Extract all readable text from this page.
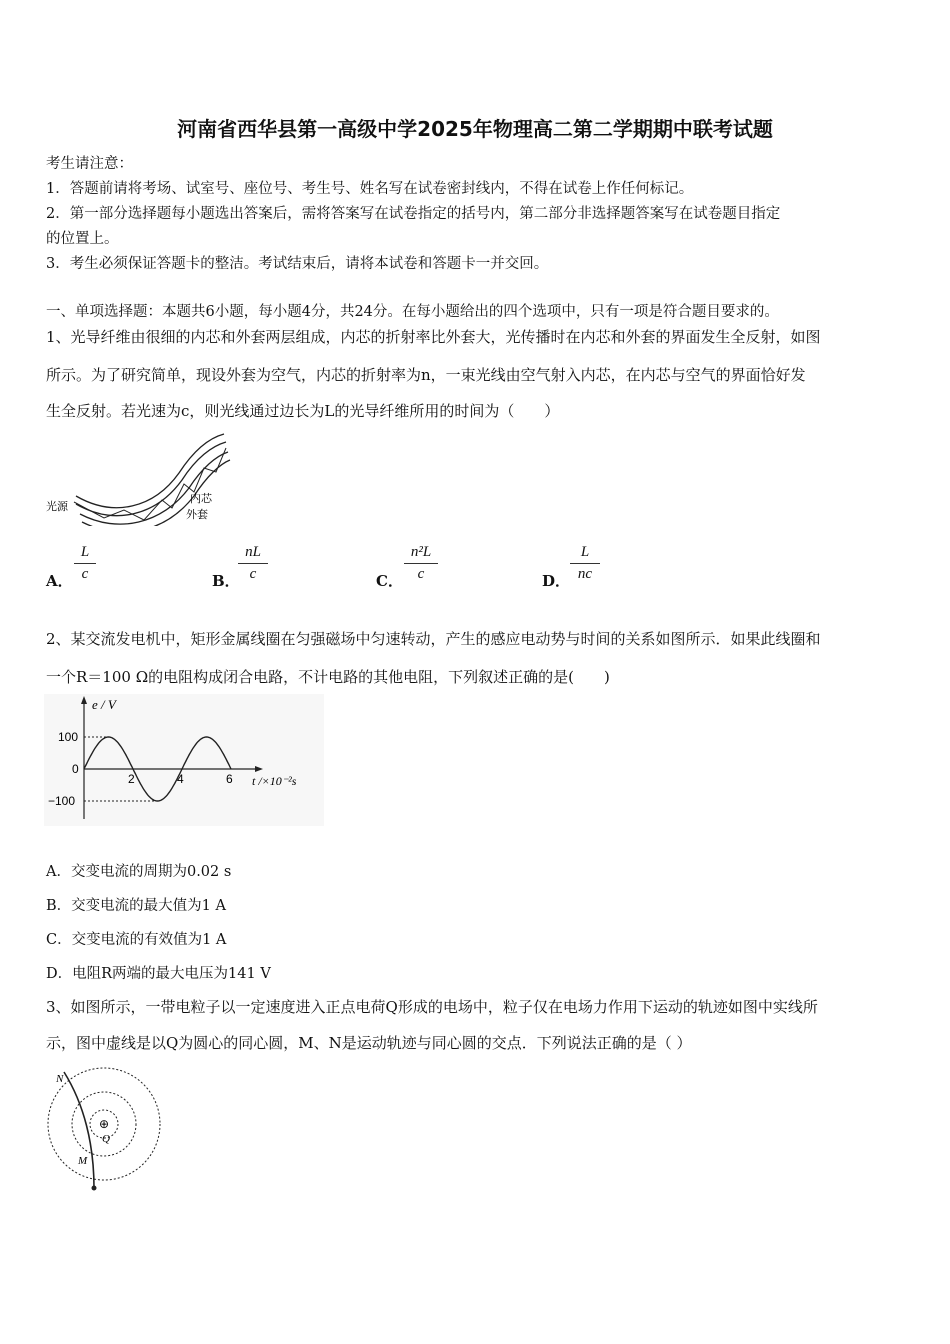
河南省西华县第一高级中学2025年物理高二第二学期期中联考试题
考生请注意：
1．答题前请将考场、试室号、座位号、考生号、姓名写在试卷密封线内，不得在试卷上作任何标记。
2．第一部分选择题每小题选出答案后，需将答案写在试卷指定的括号内，第二部分非选择题答案写在试卷题目指定
的位置上。
3．考生必须保证答题卡的整洁。考试结束后，请将本试卷和答题卡一并交回。
一、单项选择题：本题共6小题，每小题4分，共24分。在每小题给出的四个选项中，只有一项是符合题目要求的。
1、光导纤维由很细的内芯和外套两层组成，内芯的折射率比外套大，光传播时在内芯和外套的界面发生全反射，如图
所示。为了研究简单，现设外套为空气，内芯的折射率为n，一束光线由空气射入内芯，在内芯与空气的界面恰好发
生全反射。若光速为c，则光线通过边长为L的光导纤维所用的时间为（　　）
光源
内芯
外套
A．
L
c	B．
nL
c	C．
n²L
c	D．
L
nc
2、某交流发电机中，矩形金属线圈在匀强磁场中匀速转动，产生的感应电动势与时间的关系如图所示．如果此线圈和
一个R＝100 Ω的电阻构成闭合电路，不计电路的其他电阻，下列叙述正确的是(　　)
e / V
100
0
−100
2	4	6 t /×10⁻²s
A．交变电流的周期为0.02 s
B．交变电流的最大值为1 A
C．交变电流的有效值为1 A
D．电阻R两端的最大电压为141 V
3、如图所示，一带电粒子以一定速度进入正点电荷Q形成的电场中，粒子仅在电场力作用下运动的轨迹如图中实线所
示，图中虚线是以Q为圆心的同心圆，M、N是运动轨迹与同心圆的交点．下列说法正确的是（ ）
⊕
Q
N
M
